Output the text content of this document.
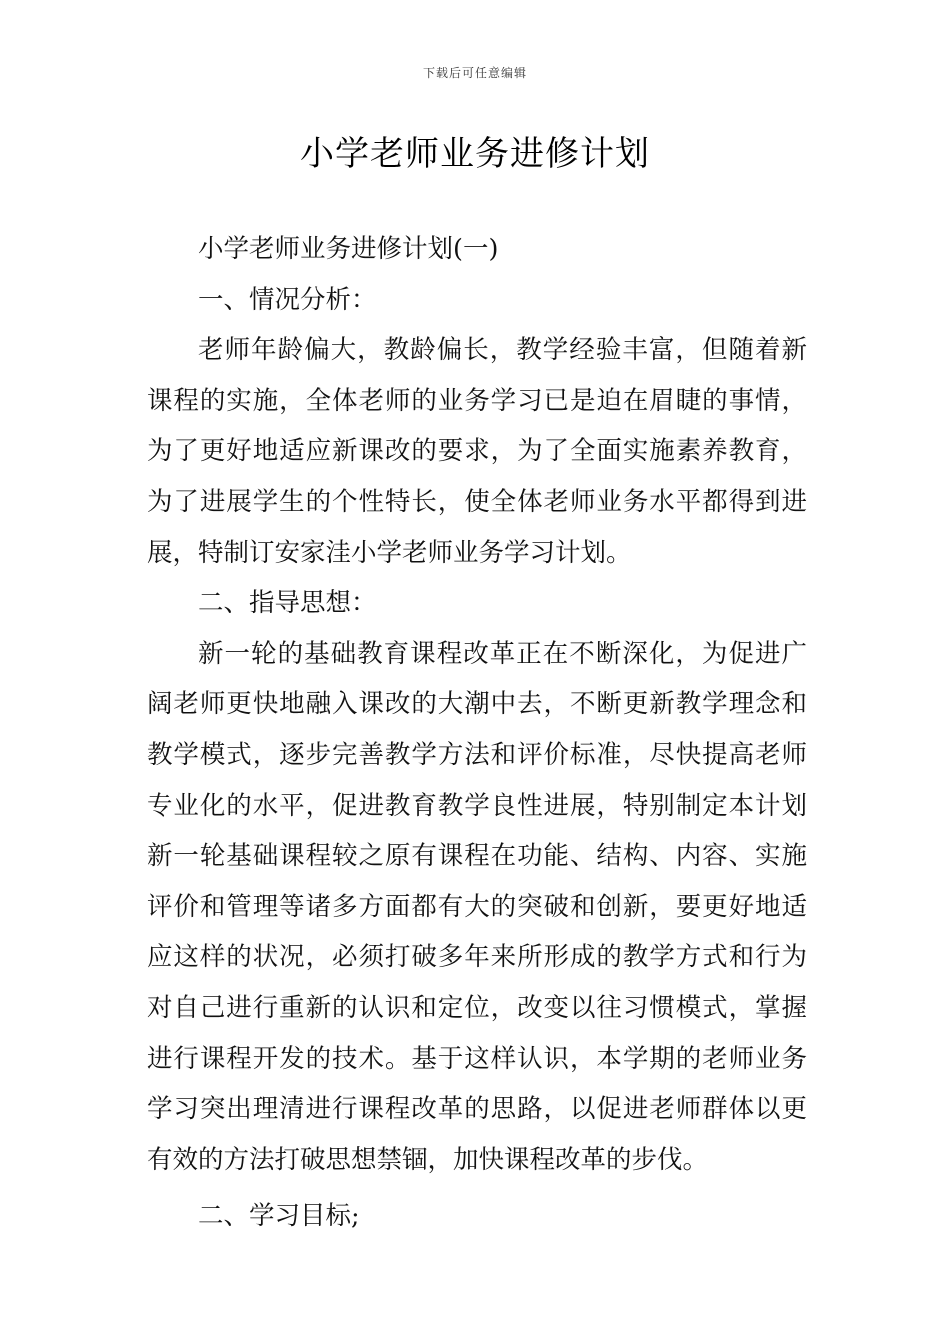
下载后可任意编辑
小学老师业务进修计划

小学老师业务进修计划(一)

一、情况分析：

老师年龄偏大，教龄偏长，教学经验丰富，但随着新课程的实施，全体老师的业务学习已是迫在眉睫的事情，为了更好地适应新课改的要求，为了全面实施素养教育，为了进展学生的个性特长，使全体老师业务水平都得到进展，特制订安家洼小学老师业务学习计划。

二、指导思想：

新一轮的基础教育课程改革正在不断深化，为促进广阔老师更快地融入课改的大潮中去，不断更新教学理念和教学模式，逐步完善教学方法和评价标准，尽快提高老师专业化的水平，促进教育教学良性进展，特别制定本计划新一轮基础课程较之原有课程在功能、结构、内容、实施评价和管理等诸多方面都有大的突破和创新，要更好地适应这样的状况，必须打破多年来所形成的教学方式和行为对自己进行重新的认识和定位，改变以往习惯模式，掌握进行课程开发的技术。基于这样认识，本学期的老师业务学习突出理清进行课程改革的思路，以促进老师群体以更有效的方法打破思想禁锢，加快课程改革的步伐。

二、学习目标;
